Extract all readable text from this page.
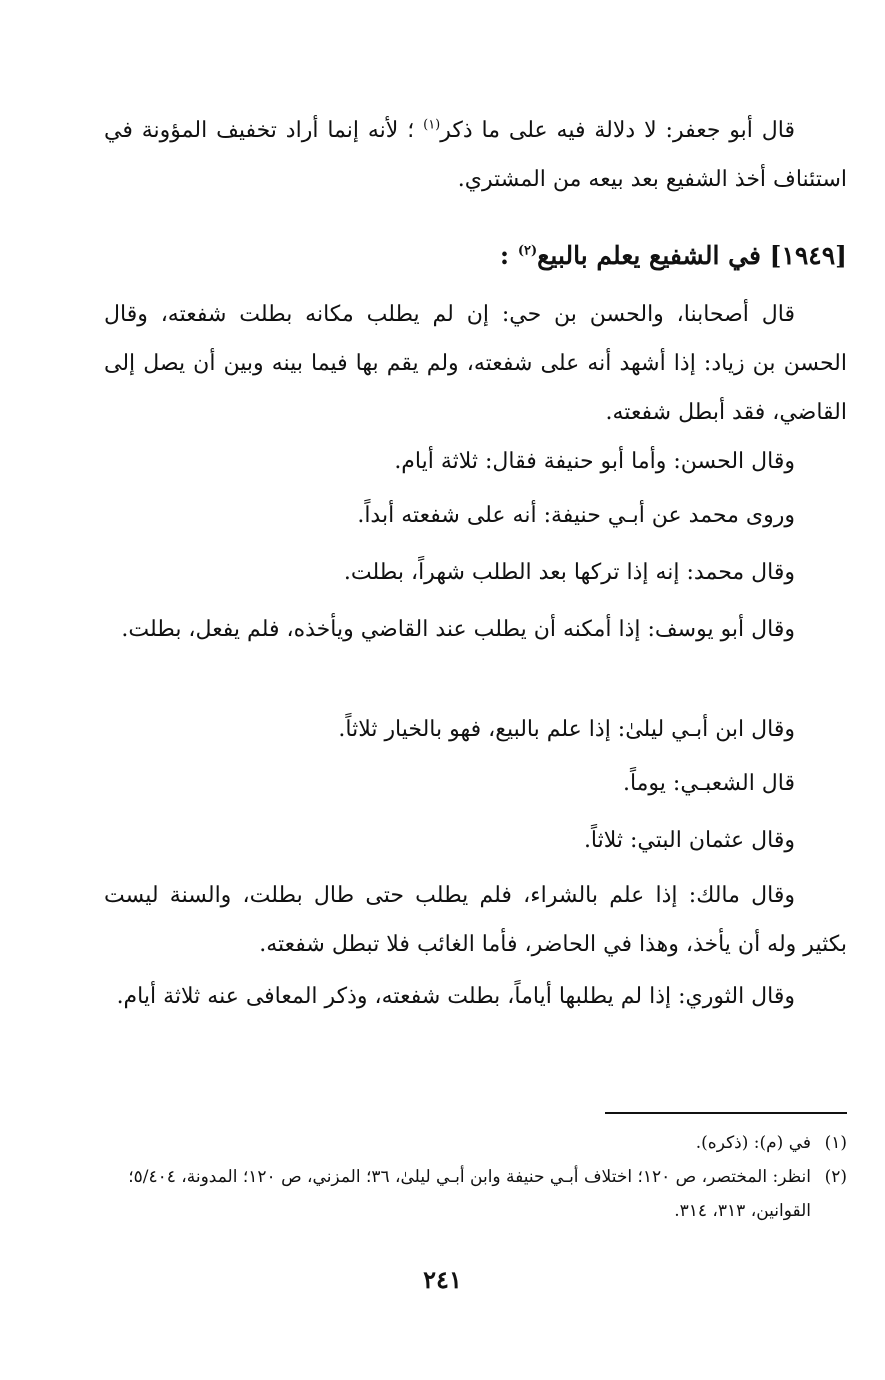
قال أبو جعفر: لا دلالة فيه على ما ذكر$^{(١)}$ ؛ لأنه إنما أراد تخفيف المؤونة في استئناف أخذ الشفيع بعد بيعه من المشتري.

[١٩٤٩] في الشفيع يعلم بالبيع$^{(٢)}$ :

قال أصحابنا، والحسن بن حي: إن لم يطلب مكانه بطلت شفعته، وقال الحسن بن زياد: إذا أشهد أنه على شفعته، ولم يقم بها فيما بينه وبين أن يصل إلى القاضي، فقد أبطل شفعته.

وقال الحسن: وأما أبو حنيفة فقال: ثلاثة أيام.

وروى محمد عن أبـي حنيفة: أنه على شفعته أبداً.

وقال محمد: إنه إذا تركها بعد الطلب شهراً، بطلت.

وقال أبو يوسف: إذا أمكنه أن يطلب عند القاضي ويأخذه، فلم يفعل، بطلت.

وقال ابن أبـي ليلىٰ: إذا علم بالبيع، فهو بالخيار ثلاثاً.

قال الشعبـي: يوماً.

وقال عثمان البتي: ثلاثاً.

وقال مالك: إذا علم بالشراء، فلم يطلب حتى طال بطلت، والسنة ليست بكثير وله أن يأخذ، وهذا في الحاضر، فأما الغائب فلا تبطل شفعته.

وقال الثوري: إذا لم يطلبها أياماً، بطلت شفعته، وذكر المعافى عنه ثلاثة أيام.

(١)في (م): (ذكره).
(٢)
انظر: المختصر، ص ١٢٠؛ اختلاف أبـي حنيفة وابن أبـي ليلىٰ، ٣٦؛ المزني، ص ١٢٠؛ المدونة، ٥/٤٠٤؛ القوانين، ٣١٣، ٣١٤.
٢٤١
